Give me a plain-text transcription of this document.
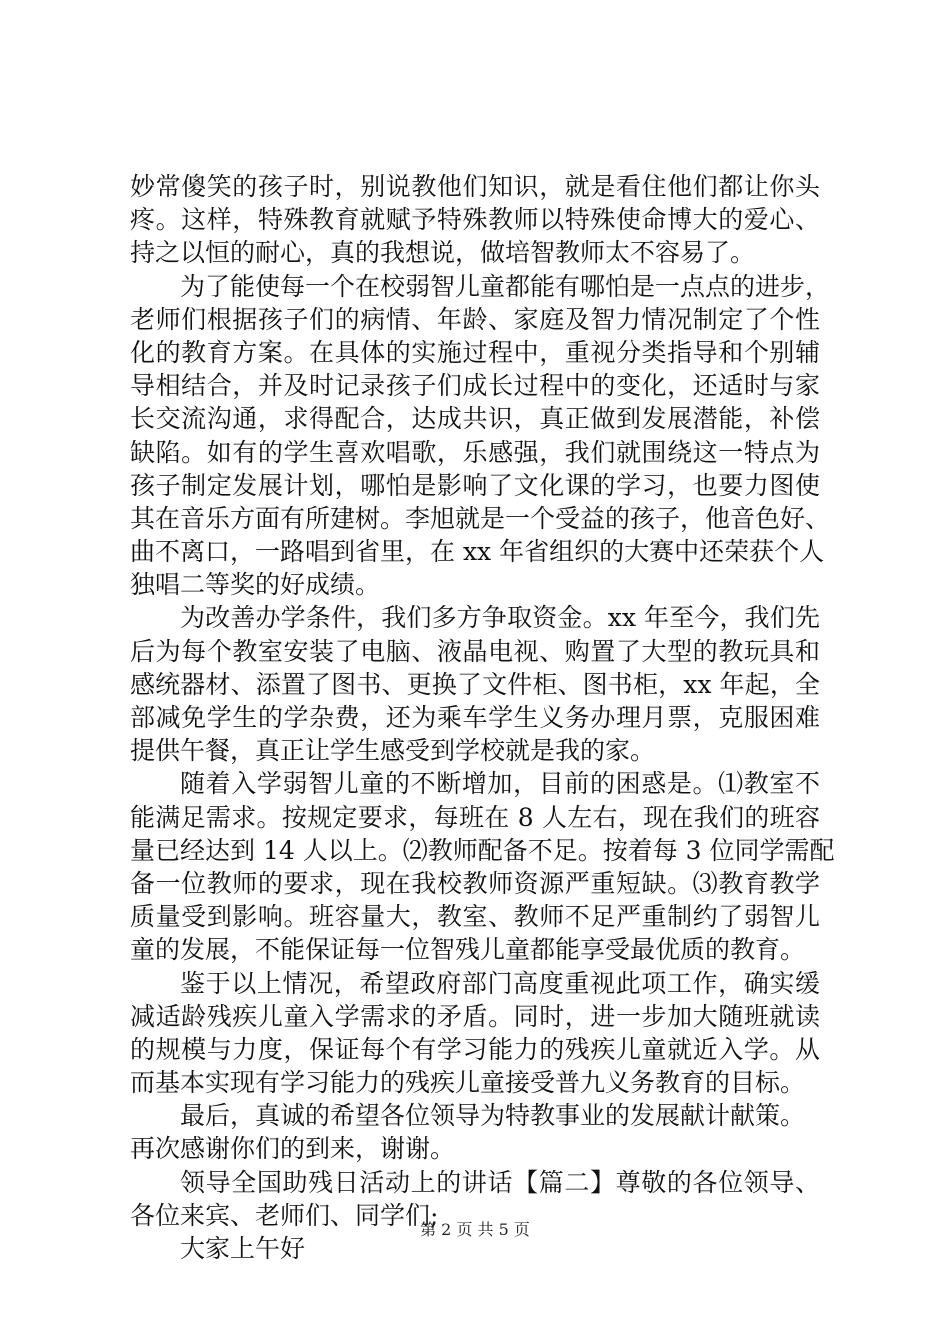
妙常傻笑的孩子时，别说教他们知识，就是看住他们都让你头
疼。这样，特殊教育就赋予特殊教师以特殊使命博大的爱心、
持之以恒的耐心，真的我想说，做培智教师太不容易了。
为了能使每一个在校弱智儿童都能有哪怕是一点点的进步，
老师们根据孩子们的病情、年龄、家庭及智力情况制定了个性
化的教育方案。在具体的实施过程中，重视分类指导和个别辅
导相结合，并及时记录孩子们成长过程中的变化，还适时与家
长交流沟通，求得配合，达成共识，真正做到发展潜能，补偿
缺陷。如有的学生喜欢唱歌，乐感强，我们就围绕这一特点为
孩子制定发展计划，哪怕是影响了文化课的学习，也要力图使
其在音乐方面有所建树。李旭就是一个受益的孩子，他音色好、
曲不离口，一路唱到省里，在 xx 年省组织的大赛中还荣获个人
独唱二等奖的好成绩。
为改善办学条件，我们多方争取资金。xx 年至今，我们先
后为每个教室安装了电脑、液晶电视、购置了大型的教玩具和
感统器材、添置了图书、更换了文件柜、图书柜，xx 年起，全
部减免学生的学杂费，还为乘车学生义务办理月票，克服困难
提供午餐，真正让学生感受到学校就是我的家。
随着入学弱智儿童的不断增加，目前的困惑是。⑴教室不
能满足需求。按规定要求，每班在 8 人左右，现在我们的班容
量已经达到 14 人以上。⑵教师配备不足。按着每 3 位同学需配
备一位教师的要求，现在我校教师资源严重短缺。⑶教育教学
质量受到影响。班容量大，教室、教师不足严重制约了弱智儿
童的发展，不能保证每一位智残儿童都能享受最优质的教育。
鉴于以上情况，希望政府部门高度重视此项工作，确实缓
减适龄残疾儿童入学需求的矛盾。同时，进一步加大随班就读
的规模与力度，保证每个有学习能力的残疾儿童就近入学。从
而基本实现有学习能力的残疾儿童接受普九义务教育的目标。
最后，真诚的希望各位领导为特教事业的发展献计献策。
再次感谢你们的到来，谢谢。
领导全国助残日活动上的讲话【篇二】尊敬的各位领导、
各位来宾、老师们、同学们;
大家上午好
第 2 页 共 5 页
